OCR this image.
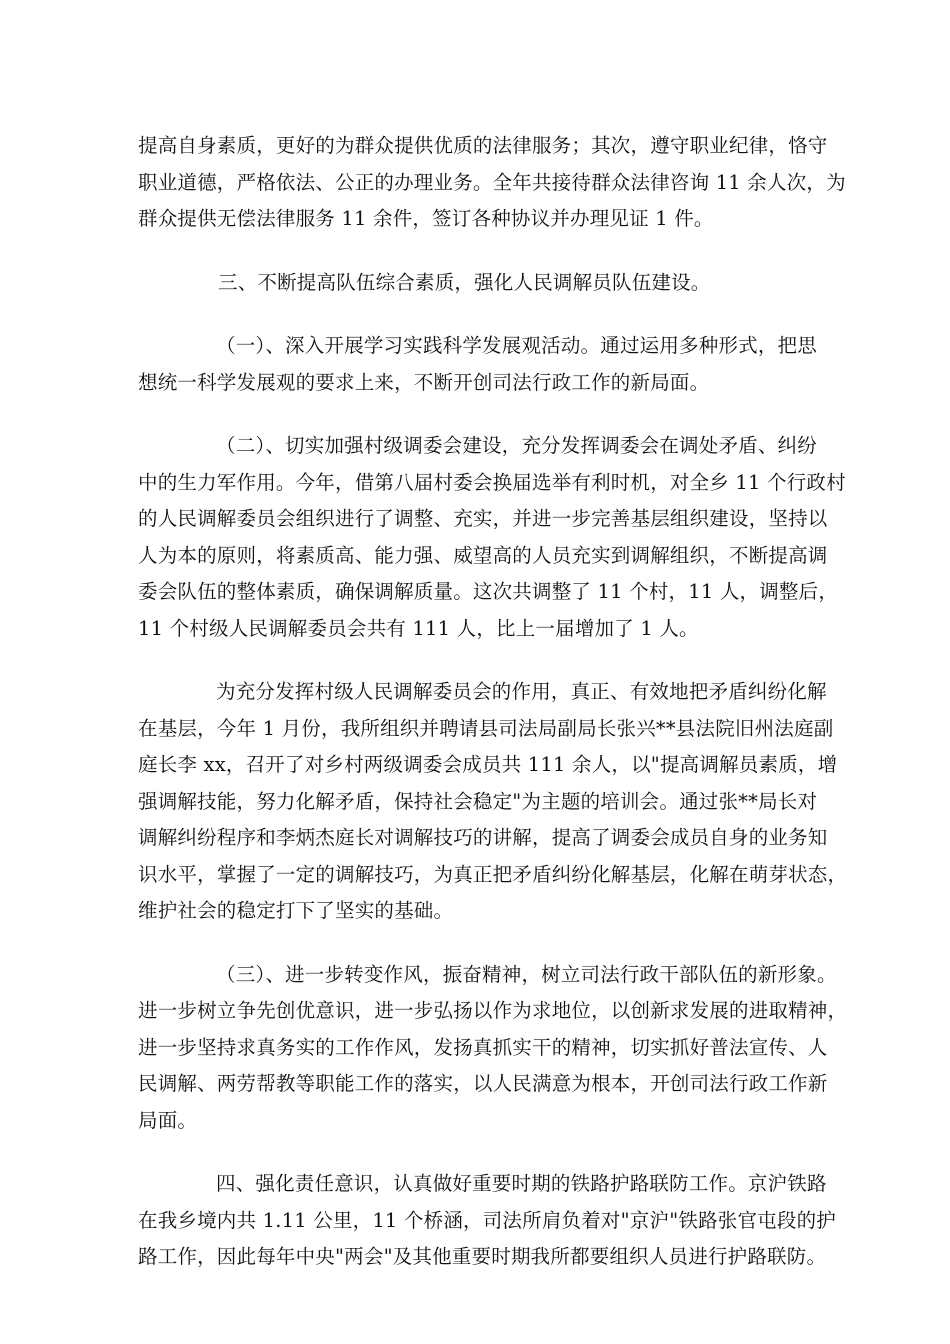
提高自身素质，更好的为群众提供优质的法律服务；其次，遵守职业纪律，恪守
职业道德，严格依法、公正的办理业务。全年共接待群众法律咨询 11 余人次，为
群众提供无偿法律服务 11 余件，签订各种协议并办理见证 1 件。

三、不断提高队伍综合素质，强化人民调解员队伍建设。

（一）、深入开展学习实践科学发展观活动。通过运用多种形式，把思
想统一科学发展观的要求上来，不断开创司法行政工作的新局面。

（二）、切实加强村级调委会建设，充分发挥调委会在调处矛盾、纠纷
中的生力军作用。今年，借第八届村委会换届选举有利时机，对全乡 11 个行政村
的人民调解委员会组织进行了调整、充实，并进一步完善基层组织建设，坚持以
人为本的原则，将素质高、能力强、威望高的人员充实到调解组织，不断提高调
委会队伍的整体素质，确保调解质量。这次共调整了 11 个村，11 人，调整后，
11 个村级人民调解委员会共有 111 人，比上一届增加了 1 人。

为充分发挥村级人民调解委员会的作用，真正、有效地把矛盾纠纷化解
在基层，今年 1 月份，我所组织并聘请县司法局副局长张兴**县法院旧州法庭副
庭长李 xx，召开了对乡村两级调委会成员共 111 余人，以"提高调解员素质，增
强调解技能，努力化解矛盾，保持社会稳定"为主题的培训会。通过张**局长对
调解纠纷程序和李炳杰庭长对调解技巧的讲解，提高了调委会成员自身的业务知
识水平，掌握了一定的调解技巧，为真正把矛盾纠纷化解基层，化解在萌芽状态，
维护社会的稳定打下了坚实的基础。

（三）、进一步转变作风，振奋精神，树立司法行政干部队伍的新形象。
进一步树立争先创优意识，进一步弘扬以作为求地位，以创新求发展的进取精神，
进一步坚持求真务实的工作作风，发扬真抓实干的精神，切实抓好普法宣传、人
民调解、两劳帮教等职能工作的落实，以人民满意为根本，开创司法行政工作新
局面。

四、强化责任意识，认真做好重要时期的铁路护路联防工作。京沪铁路
在我乡境内共 1.11 公里，11 个桥涵，司法所肩负着对"京沪"铁路张官屯段的护
路工作，因此每年中央"两会"及其他重要时期我所都要组织人员进行护路联防。
